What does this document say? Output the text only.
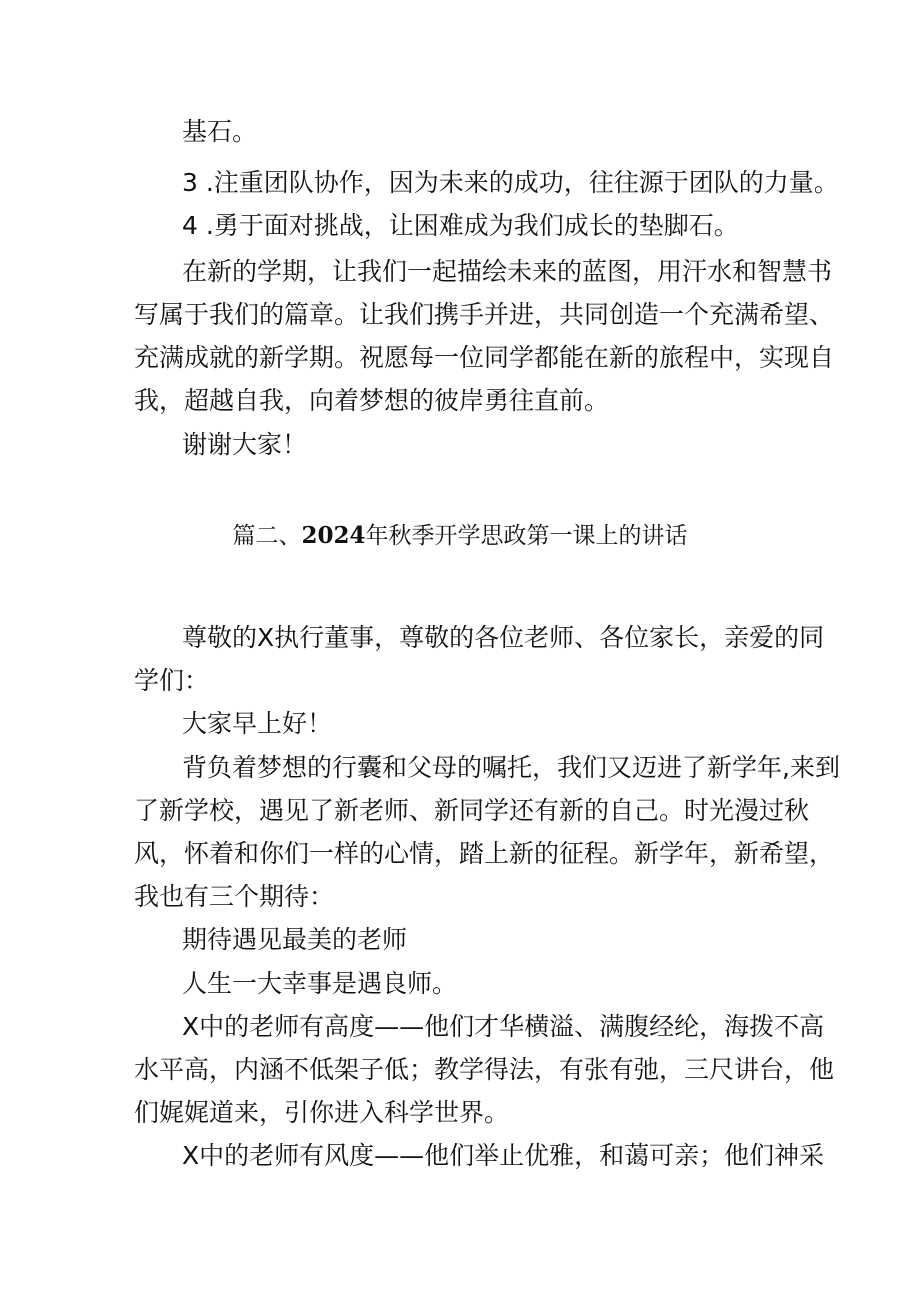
基石。
3 .注重团队协作，因为未来的成功，往往源于团队的力量。
4 .勇于面对挑战，让困难成为我们成长的垫脚石。
在新的学期，让我们一起描绘未来的蓝图，用汗水和智慧书
写属于我们的篇章。让我们携手并进，共同创造一个充满希望、
充满成就的新学期。祝愿每一位同学都能在新的旅程中，实现自
我，超越自我，向着梦想的彼岸勇往直前。
谢谢大家！
篇二、2024年秋季开学思政第一课上的讲话
尊敬的X执行董事，尊敬的各位老师、各位家长，亲爱的同
学们：
大家早上好！
背负着梦想的行囊和父母的嘱托，我们又迈进了新学年,来到
了新学校，遇见了新老师、新同学还有新的自己。时光漫过秋
风，怀着和你们一样的心情，踏上新的征程。新学年，新希望，
我也有三个期待：
期待遇见最美的老师
人生一大幸事是遇良师。
X中的老师有高度——他们才华横溢、满腹经纶，海拨不高
水平高，内涵不低架子低；教学得法，有张有弛，三尺讲台，他
们娓娓道来，引你进入科学世界。
X中的老师有风度——他们举止优雅，和蔼可亲；他们神采
